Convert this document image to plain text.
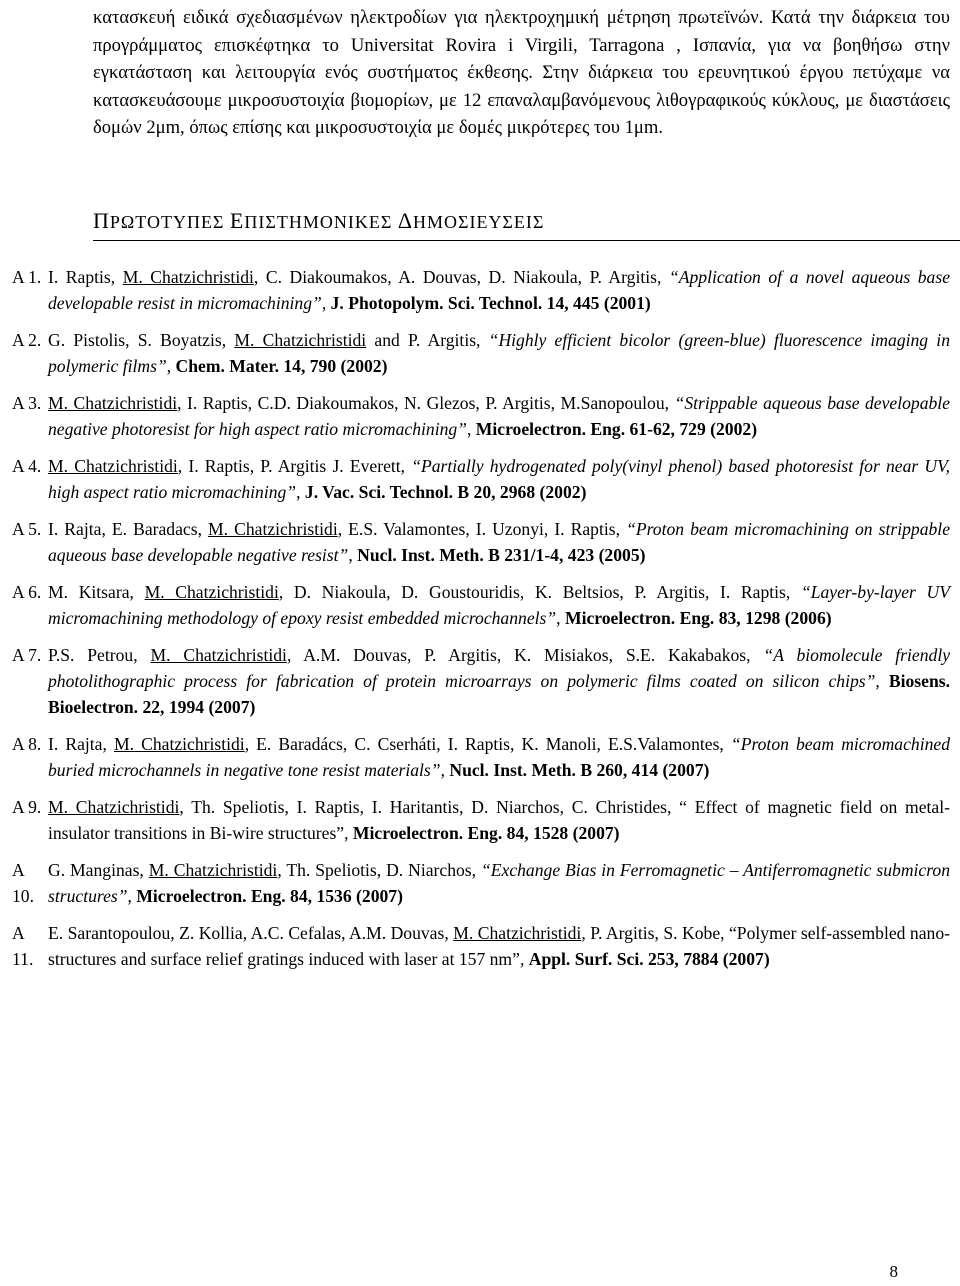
κατασκευή ειδικά σχεδιασμένων ηλεκτροδίων για ηλεκτροχημική μέτρηση πρωτεϊνών. Κατά την διάρκεια του προγράμματος επισκέφτηκα το Universitat Rovira i Virgili, Tarragona , Ισπανία, για να βοηθήσω στην εγκατάσταση και λειτουργία ενός συστήματος έκθεσης. Στην διάρκεια του ερευνητικού έργου πετύχαμε να κατασκευάσουμε μικροσυστοιχία βιομορίων, με 12 επαναλαμβανόμενους λιθογραφικούς κύκλους, με διαστάσεις δομών 2μm, όπως επίσης και μικροσυστοιχία με δομές μικρότερες του 1μm.

ΠΡΩΤΟΤΥΠΕΣ ΕΠΙΣΤΗΜΟΝΙΚΕΣ ΔΗΜΟΣΙΕΥΣΕΙΣ
Α 1. I. Raptis, M. Chatzichristidi, C. Diakoumakos, A. Douvas, D. Niakoula, P. Argitis, “Application of a novel aqueous base developable resist in micromachining”, J. Photopolym. Sci. Technol. 14, 445 (2001)
Α 2. G. Pistolis, S. Boyatzis, M. Chatzichristidi and P. Argitis, “Highly efficient bicolor (green-blue) fluorescence imaging in polymeric films”, Chem. Mater. 14, 790 (2002)
Α 3. M. Chatzichristidi, I. Raptis, C.D. Diakoumakos, N. Glezos, P. Argitis, M.Sanopoulou, “Strippable aqueous base developable negative photoresist for high aspect ratio micromachining”, Microelectron. Eng. 61-62, 729 (2002)
Α 4. M. Chatzichristidi, I. Raptis, P. Argitis J. Everett, “Partially hydrogenated poly(vinyl phenol) based photoresist for near UV, high aspect ratio micromachining”, J. Vac. Sci. Technol. B 20, 2968 (2002)
Α 5. I. Rajta, E. Baradacs, M. Chatzichristidi, E.S. Valamontes, I. Uzonyi, I. Raptis, “Proton beam micromachining on strippable aqueous base developable negative resist”, Nucl. Inst. Meth. B 231/1-4, 423 (2005)
Α 6. M. Kitsara, M. Chatzichristidi, D. Niakoula, D. Goustouridis, K. Beltsios, P. Argitis, I. Raptis, “Layer-by-layer UV micromachining methodology of epoxy resist embedded microchannels”, Microelectron. Eng. 83, 1298 (2006)
Α 7. P.S. Petrou, M. Chatzichristidi, A.M. Douvas, P. Argitis, K. Misiakos, S.E. Kakabakos, “A biomolecule friendly photolithographic process for fabrication of protein microarrays on polymeric films coated on silicon chips”, Biosens. Bioelectron. 22, 1994 (2007)
Α 8. I. Rajta, M. Chatzichristidi, E. Baradács, C. Cserháti, I. Raptis, K. Manoli, E.S.Valamontes, “Proton beam micromachined buried microchannels in negative tone resist materials”, Nucl. Inst. Meth. B 260, 414 (2007)
Α 9. M. Chatzichristidi, Th. Speliotis, I. Raptis, I. Haritantis, D. Niarchos, C. Christides, “ Effect of magnetic field on metal-insulator transitions in Bi-wire structures”, Microelectron. Eng. 84, 1528 (2007)
Α 10.
G. Manginas, M. Chatzichristidi, Th. Speliotis, D. Niarchos, “Exchange Bias in Ferromagnetic – Antiferromagnetic submicron structures”, Microelectron. Eng. 84, 1536 (2007)
Α 11.
E. Sarantopoulou, Z. Kollia, A.C. Cefalas, A.M. Douvas, M. Chatzichristidi, P. Argitis, S. Kobe, “Polymer self-assembled nano-structures and surface relief gratings induced with laser at 157 nm”, Appl. Surf. Sci. 253, 7884 (2007)
8
